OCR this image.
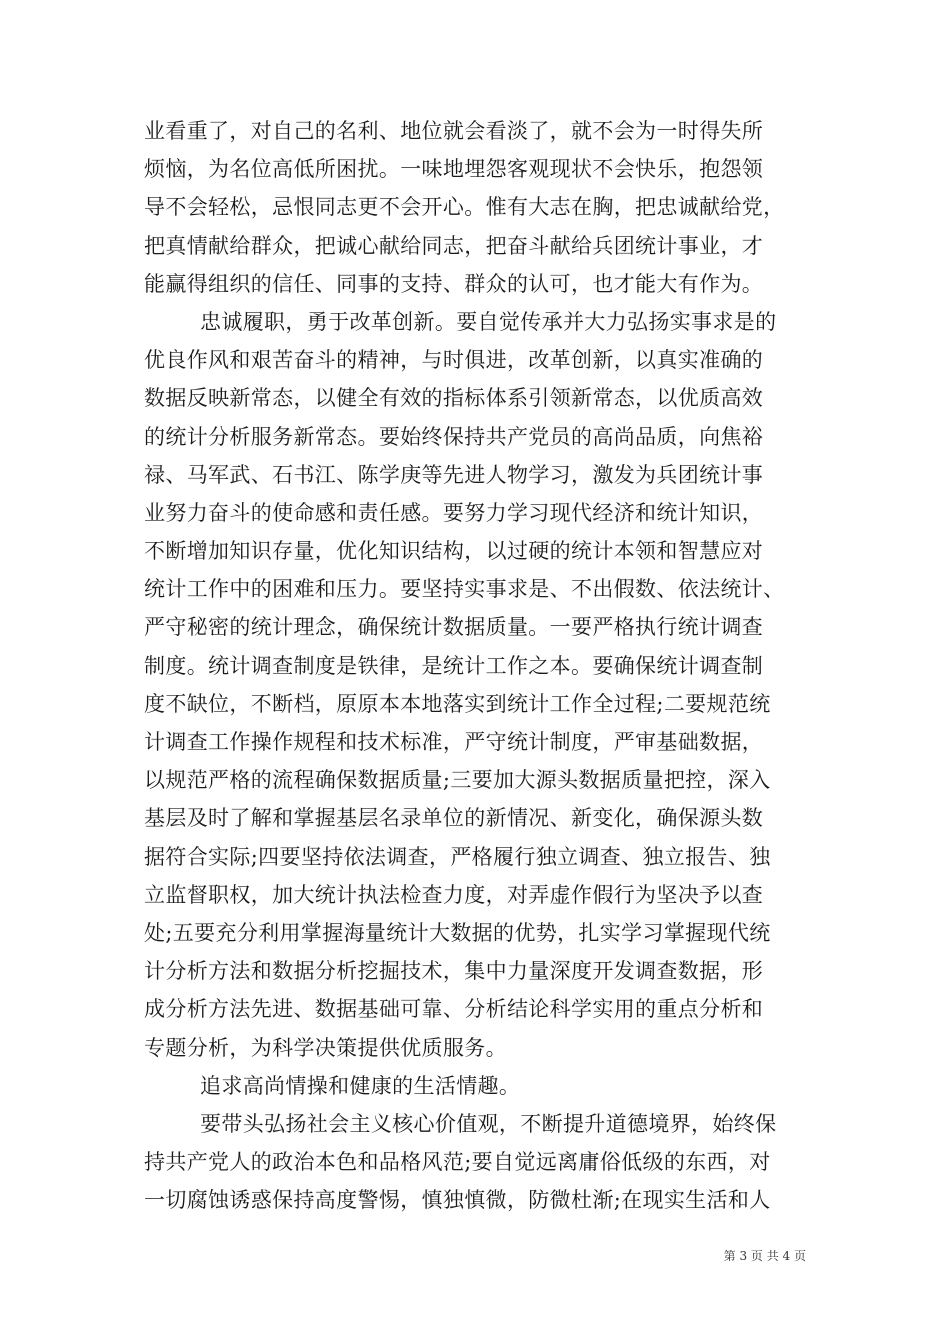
业看重了，对自己的名利、地位就会看淡了，就不会为一时得失所
烦恼，为名位高低所困扰。一味地埋怨客观现状不会快乐，抱怨领
导不会轻松，忌恨同志更不会开心。惟有大志在胸，把忠诚献给党，
把真情献给群众，把诚心献给同志，把奋斗献给兵团统计事业，才
能赢得组织的信任、同事的支持、群众的认可，也才能大有作为。
忠诚履职，勇于改革创新。要自觉传承并大力弘扬实事求是的
优良作风和艰苦奋斗的精神，与时俱进，改革创新，以真实准确的
数据反映新常态，以健全有效的指标体系引领新常态，以优质高效
的统计分析服务新常态。要始终保持共产党员的高尚品质，向焦裕
禄、马军武、石书江、陈学庚等先进人物学习，激发为兵团统计事
业努力奋斗的使命感和责任感。要努力学习现代经济和统计知识，
不断增加知识存量，优化知识结构，以过硬的统计本领和智慧应对
统计工作中的困难和压力。要坚持实事求是、不出假数、依法统计、
严守秘密的统计理念，确保统计数据质量。一要严格执行统计调查
制度。统计调查制度是铁律，是统计工作之本。要确保统计调查制
度不缺位，不断档，原原本本地落实到统计工作全过程;二要规范统
计调查工作操作规程和技术标准，严守统计制度，严审基础数据，
以规范严格的流程确保数据质量;三要加大源头数据质量把控，深入
基层及时了解和掌握基层名录单位的新情况、新变化，确保源头数
据符合实际;四要坚持依法调查，严格履行独立调查、独立报告、独
立监督职权，加大统计执法检查力度，对弄虚作假行为坚决予以查
处;五要充分利用掌握海量统计大数据的优势，扎实学习掌握现代统
计分析方法和数据分析挖掘技术，集中力量深度开发调查数据，形
成分析方法先进、数据基础可靠、分析结论科学实用的重点分析和
专题分析，为科学决策提供优质服务。
追求高尚情操和健康的生活情趣。
要带头弘扬社会主义核心价值观，不断提升道德境界，始终保
持共产党人的政治本色和品格风范;要自觉远离庸俗低级的东西，对
一切腐蚀诱惑保持高度警惕，慎独慎微，防微杜渐;在现实生活和人
第 3 页 共 4 页
